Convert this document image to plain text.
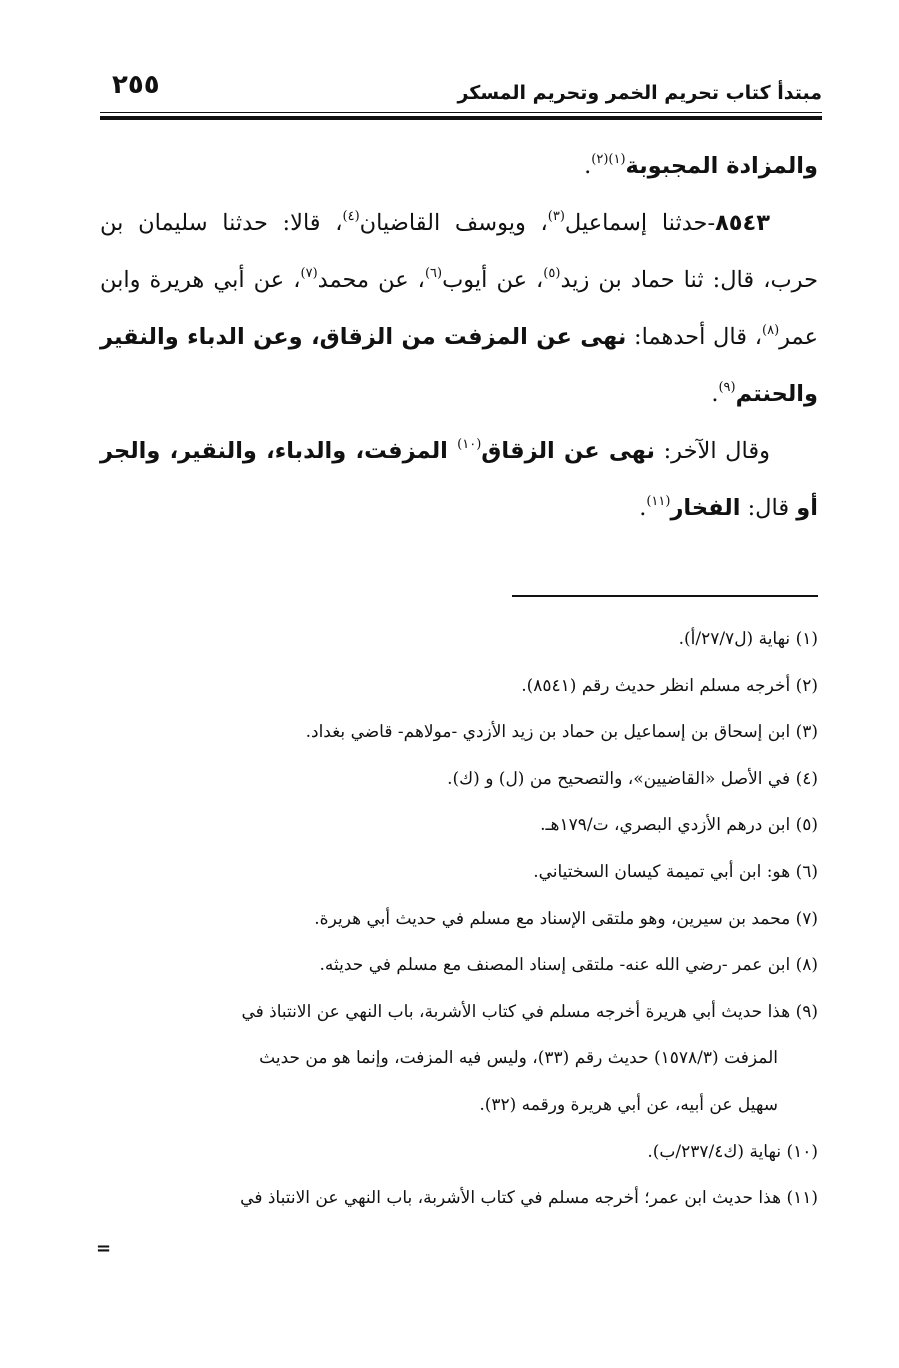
٢٥٥	مبتدأ كتاب تحريم الخمر وتحريم المسكر

والمزادة المجبوبة$^{(١)(٢)}$.

٨٥٤٣-حدثنا إسماعيل$^{(٣)}$، ويوسف القاضيان$^{(٤)}$، قالا: حدثنا سليمان بن حرب، قال: ثنا حماد بن زيد$^{(٥)}$، عن أيوب$^{(٦)}$، عن محمد$^{(٧)}$، عن أبي هريرة وابن عمر$^{(٨)}$، قال أحدهما: نهى عن المزفت من الزقاق، وعن الدباء والنقير والحنتم$^{(٩)}$.

وقال الآخر: نهى عن الزقاق$^{(١٠)}$ المزفت، والدباء، والنقير، والجر أو قال: الفخار$^{(١١)}$.

(١) نهاية (ل٢٧/٧/أ).

(٢) أخرجه مسلم انظر حديث رقم (٨٥٤١).

(٣) ابن إسحاق بن إسماعيل بن حماد بن زيد الأزدي -مولاهم- قاضي بغداد.

(٤) في الأصل «القاضيين»، والتصحيح من (ل) و (ك).

(٥) ابن درهم الأزدي البصري، ت/١٧٩هـ.

(٦) هو: ابن أبي تميمة كيسان السختياني.

(٧) محمد بن سيرين، وهو ملتقى الإسناد مع مسلم في حديث أبي هريرة.

(٨) ابن عمر -رضي الله عنه- ملتقى إسناد المصنف مع مسلم في حديثه.

(٩) هذا حديث أبي هريرة أخرجه مسلم في كتاب الأشربة، باب النهي عن الانتباذ في

المزفت (١٥٧٨/٣) حديث رقم (٣٣)، وليس فيه المزفت، وإنما هو من حديث

سهيل عن أبيه، عن أبي هريرة ورقمه (٣٢).

(١٠) نهاية (ك٢٣٧/٤/ب).

(١١) هذا حديث ابن عمر؛ أخرجه مسلم في كتاب الأشربة، باب النهي عن الانتباذ في

=
